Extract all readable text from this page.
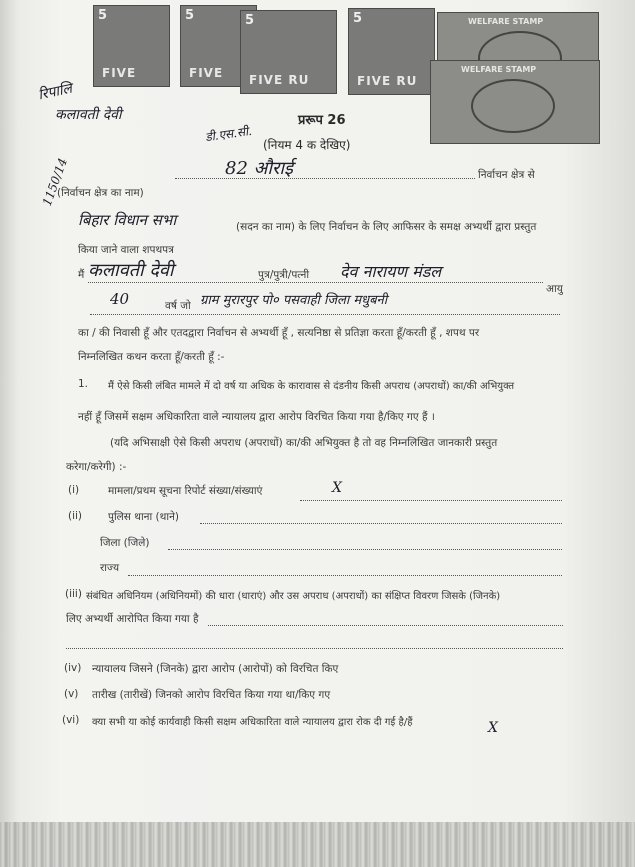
5
FIVE
5
FIVE
5
FIVE RU
5
FIVE RU
WELFARE STAMP
WELFARE STAMP
रिपालि
कलावती देवी
डी.एस.सी.
1150/14
प्ररूप 26
(नियम 4 क देखिए)
82 औराई	निर्वाचन क्षेत्र से
(निर्वाचन क्षेत्र का नाम)
बिहार विधान सभा	(सदन का नाम) के लिए निर्वाचन के लिए आफिसर के समक्ष अभ्यर्थी द्वारा प्रस्तुत
किया जाने वाला शपथपत्र
मैं कलावती देवी	पुत्र/पुत्री/पत्नी देव नारायण मंडल
आयु
40	वर्ष जो ग्राम मुरारपुर पो० पसवाही जिला मधुबनी
का / की निवासी हूँ और एतदद्वारा निर्वाचन से अभ्यर्थी हूँ , सत्यनिष्ठा से प्रतिज्ञा करता हूँ/करती हूँ , शपथ पर
निम्नलिखित कथन करता हूँ/करती हूँ :-
1. मैं ऐसे किसी लंबित मामले में दो वर्ष या अधिक के कारावास से दंडनीय किसी अपराध (अपराधों) का/की अभियुक्त
नहीं हूँ जिसमें सक्षम अधिकारिता वाले न्यायालय द्वारा आरोप विरचित किया गया है/किए गए हैं ।
(यदि अभिसाक्षी ऐसे किसी अपराध (अपराधों) का/की अभियुक्त है तो वह निम्नलिखित जानकारी प्रस्तुत
करेगा/करेगी) :-
(i)	मामला/प्रथम सूचना रिपोर्ट संख्या/संख्याएं	X
(ii) पुलिस थाना (थाने)
जिला (जिले)
राज्य
(iii) संबंधित अधिनियम (अधिनियमों) की धारा (धाराएं) और उस अपराध (अपराधों) का संक्षिप्त विवरण जिसके (जिनके)
लिए अभ्यर्थी आरोपित किया गया है
(iv) न्यायालय जिसने (जिनके) द्वारा आरोप (आरोपों) को विरचित किए
(v) तारीख (तारीखें) जिनको आरोप विरचित किया गया था/किए गए
(vi) क्या सभी या कोई कार्यवाही किसी सक्षम अधिकारिता वाले न्यायालय द्वारा रोक दी गई है/हैं	X
